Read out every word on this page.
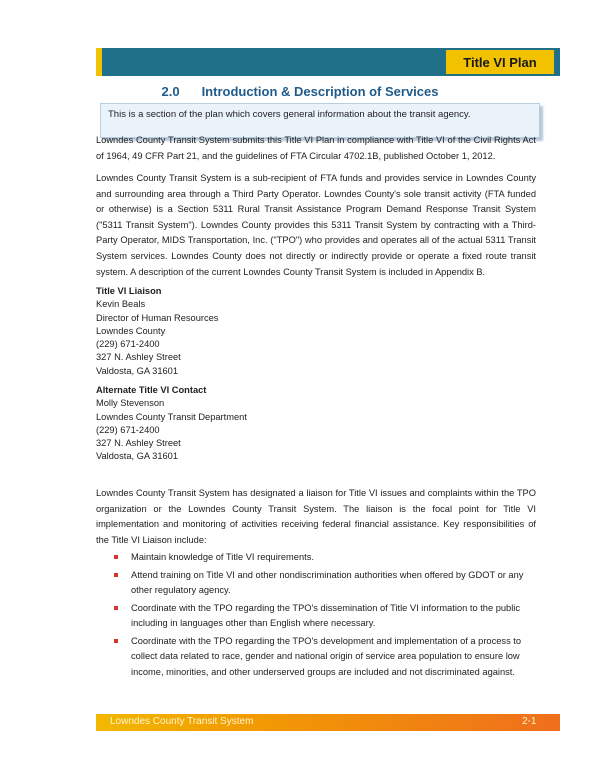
Title VI Plan
2.0 Introduction & Description of Services
This is a section of the plan which covers general information about the transit agency.

Lowndes County Transit System submits this Title VI Plan in compliance with Title VI of the Civil Rights Act of 1964, 49 CFR Part 21, and the guidelines of FTA Circular 4702.1B, published October 1, 2012.

Lowndes County Transit System is a sub-recipient of FTA funds and provides service in Lowndes County and surrounding area through a Third Party Operator. Lowndes County's sole transit activity (FTA funded or otherwise) is a Section 5311 Rural Transit Assistance Program Demand Response Transit System ("5311 Transit System"). Lowndes County provides this 5311 Transit System by contracting with a Third-Party Operator, MIDS Transportation, Inc. ("TPO") who provides and operates all of the actual 5311 Transit System services. Lowndes County does not directly or indirectly provide or operate a fixed route transit system. A description of the current Lowndes County Transit System is included in Appendix B.

Title VI Liaison
Kevin Beals
Director of Human Resources
Lowndes County
(229) 671-2400
327 N. Ashley Street
Valdosta, GA 31601
Alternate Title VI Contact
Molly Stevenson
Lowndes County Transit Department
(229) 671-2400
327 N. Ashley Street
Valdosta, GA 31601

Lowndes County Transit System has designated a liaison for Title VI issues and complaints within the TPO organization or the Lowndes County Transit System. The liaison is the focal point for Title VI implementation and monitoring of activities receiving federal financial assistance. Key responsibilities of the Title VI Liaison include:

Maintain knowledge of Title VI requirements.
Attend training on Title VI and other nondiscrimination authorities when offered by GDOT or any other regulatory agency.
Coordinate with the TPO regarding the TPO's dissemination of Title VI information to the public including in languages other than English where necessary.
Coordinate with the TPO regarding the TPO's development and implementation of a process to collect data related to race, gender and national origin of service area population to ensure low income, minorities, and other underserved groups are included and not discriminated against.
Lowndes County Transit System	2-1
